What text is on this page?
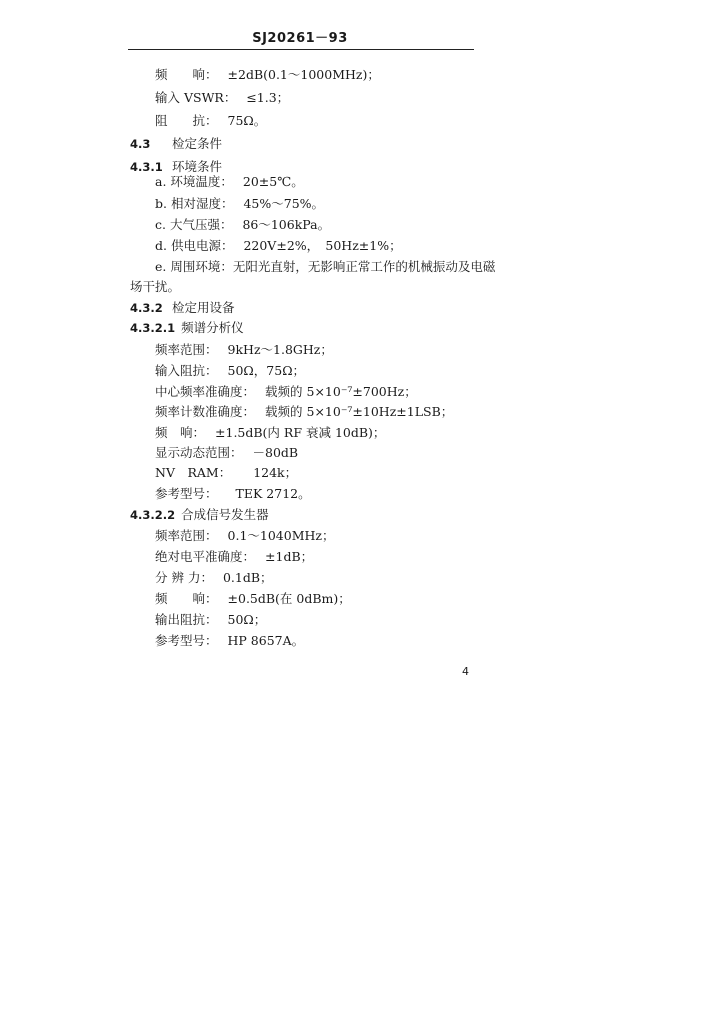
SJ20261－93
频　　响： ±2dB(0.1～1000MHz)；
输入 VSWR： ≤1.3；
阻　　抗： 75Ω。
4.3 检定条件
4.3.1 环境条件
a. 环境温度： 20±5℃。
b. 相对湿度： 45%～75%。
c. 大气压强： 86～106kPa。
d. 供电电源： 220V±2%，　50Hz±1%；
e. 周围环境：无阳光直射，无影响正常工作的机械振动及电磁
场干扰。
4.3.2 检定用设备
4.3.2.1 频谱分析仪
频率范围： 9kHz～1.8GHz；
输入阻抗： 50Ω，75Ω；
中心频率准确度： 载频的 5×10⁻⁷±700Hz；
频率计数准确度： 载频的 5×10⁻⁷±10Hz±1LSB；
频　响： ±1.5dB(内 RF 衰减 10dB)；
显示动态范围： －80dB
NV　RAM： 124k；
参考型号： TEK 2712。
4.3.2.2 合成信号发生器
频率范围： 0.1～1040MHz；
绝对电平准确度： ±1dB；
分 辨 力： 0.1dB；
频　　响： ±0.5dB(在 0dBm)；
输出阻抗： 50Ω；
参考型号： HP 8657A。
4
